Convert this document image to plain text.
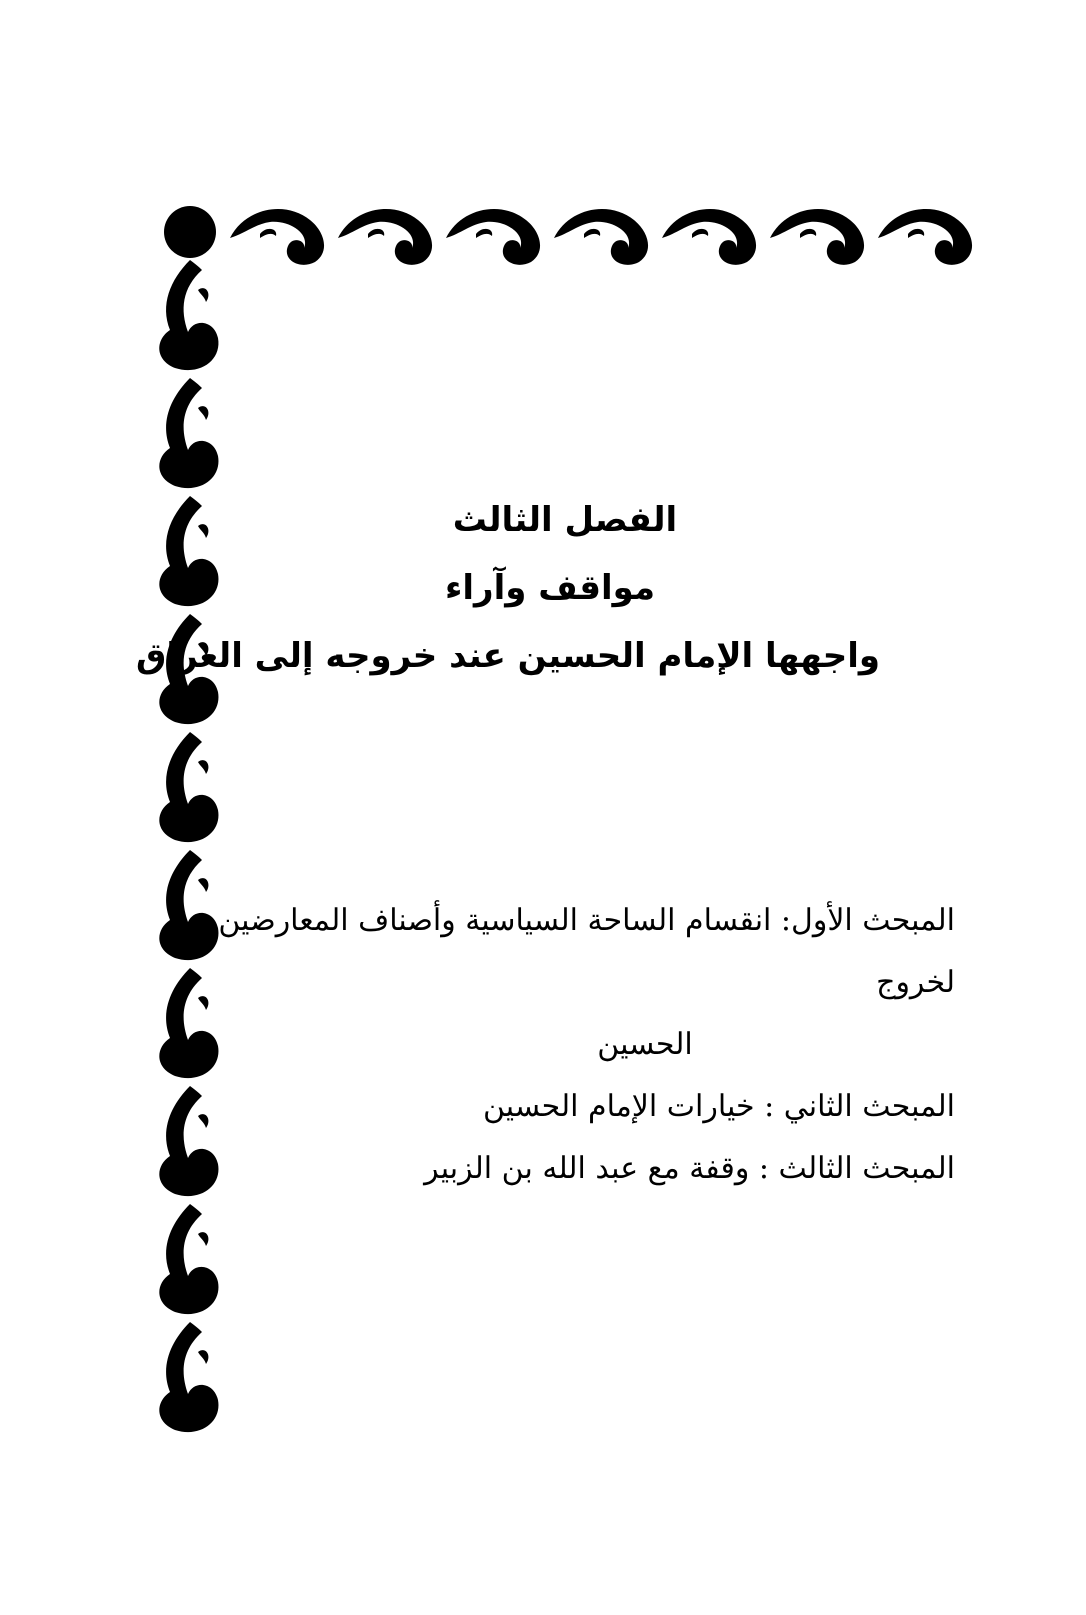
الفصل الثالث

مواقف وآراء

واجهها الإمام الحسين عند خروجه إلى العراق

المبحث الأول: انقسام الساحة السياسية وأصناف المعارضين لخروج
الحسين

المبحث الثاني : خيارات الإمام الحسين

المبحث الثالث : وقفة مع عبد الله بن الزبير
